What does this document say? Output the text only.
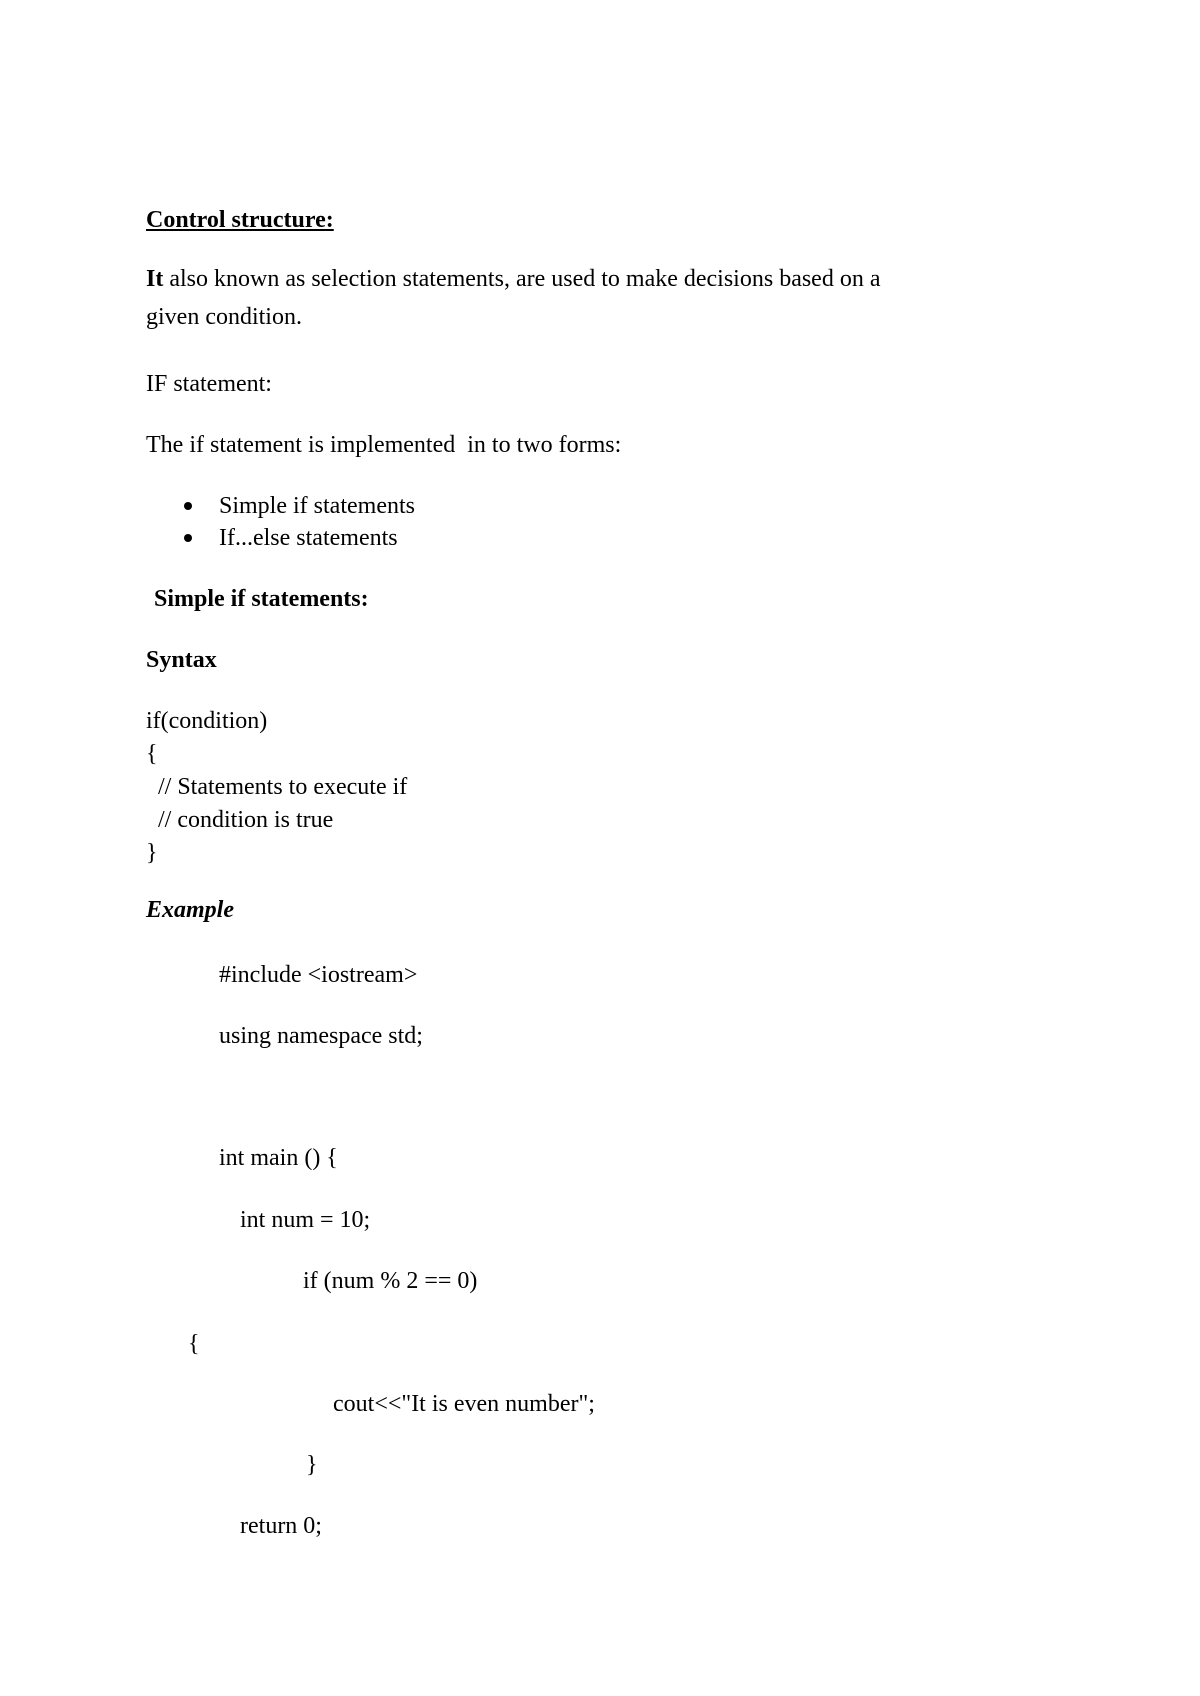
Control structure:
It also known as selection statements, are used to make decisions based on a
given condition.
IF statement:
The if statement is implemented  in to two forms:
Simple if statements
If...else statements
Simple if statements:
Syntax
if(condition)
{
// Statements to execute if
// condition is true
}
Example
#include <iostream>
using namespace std;
int main () {
int num = 10;
if (num % 2 == 0)
{
cout<<"It is even number";
}
return 0;
